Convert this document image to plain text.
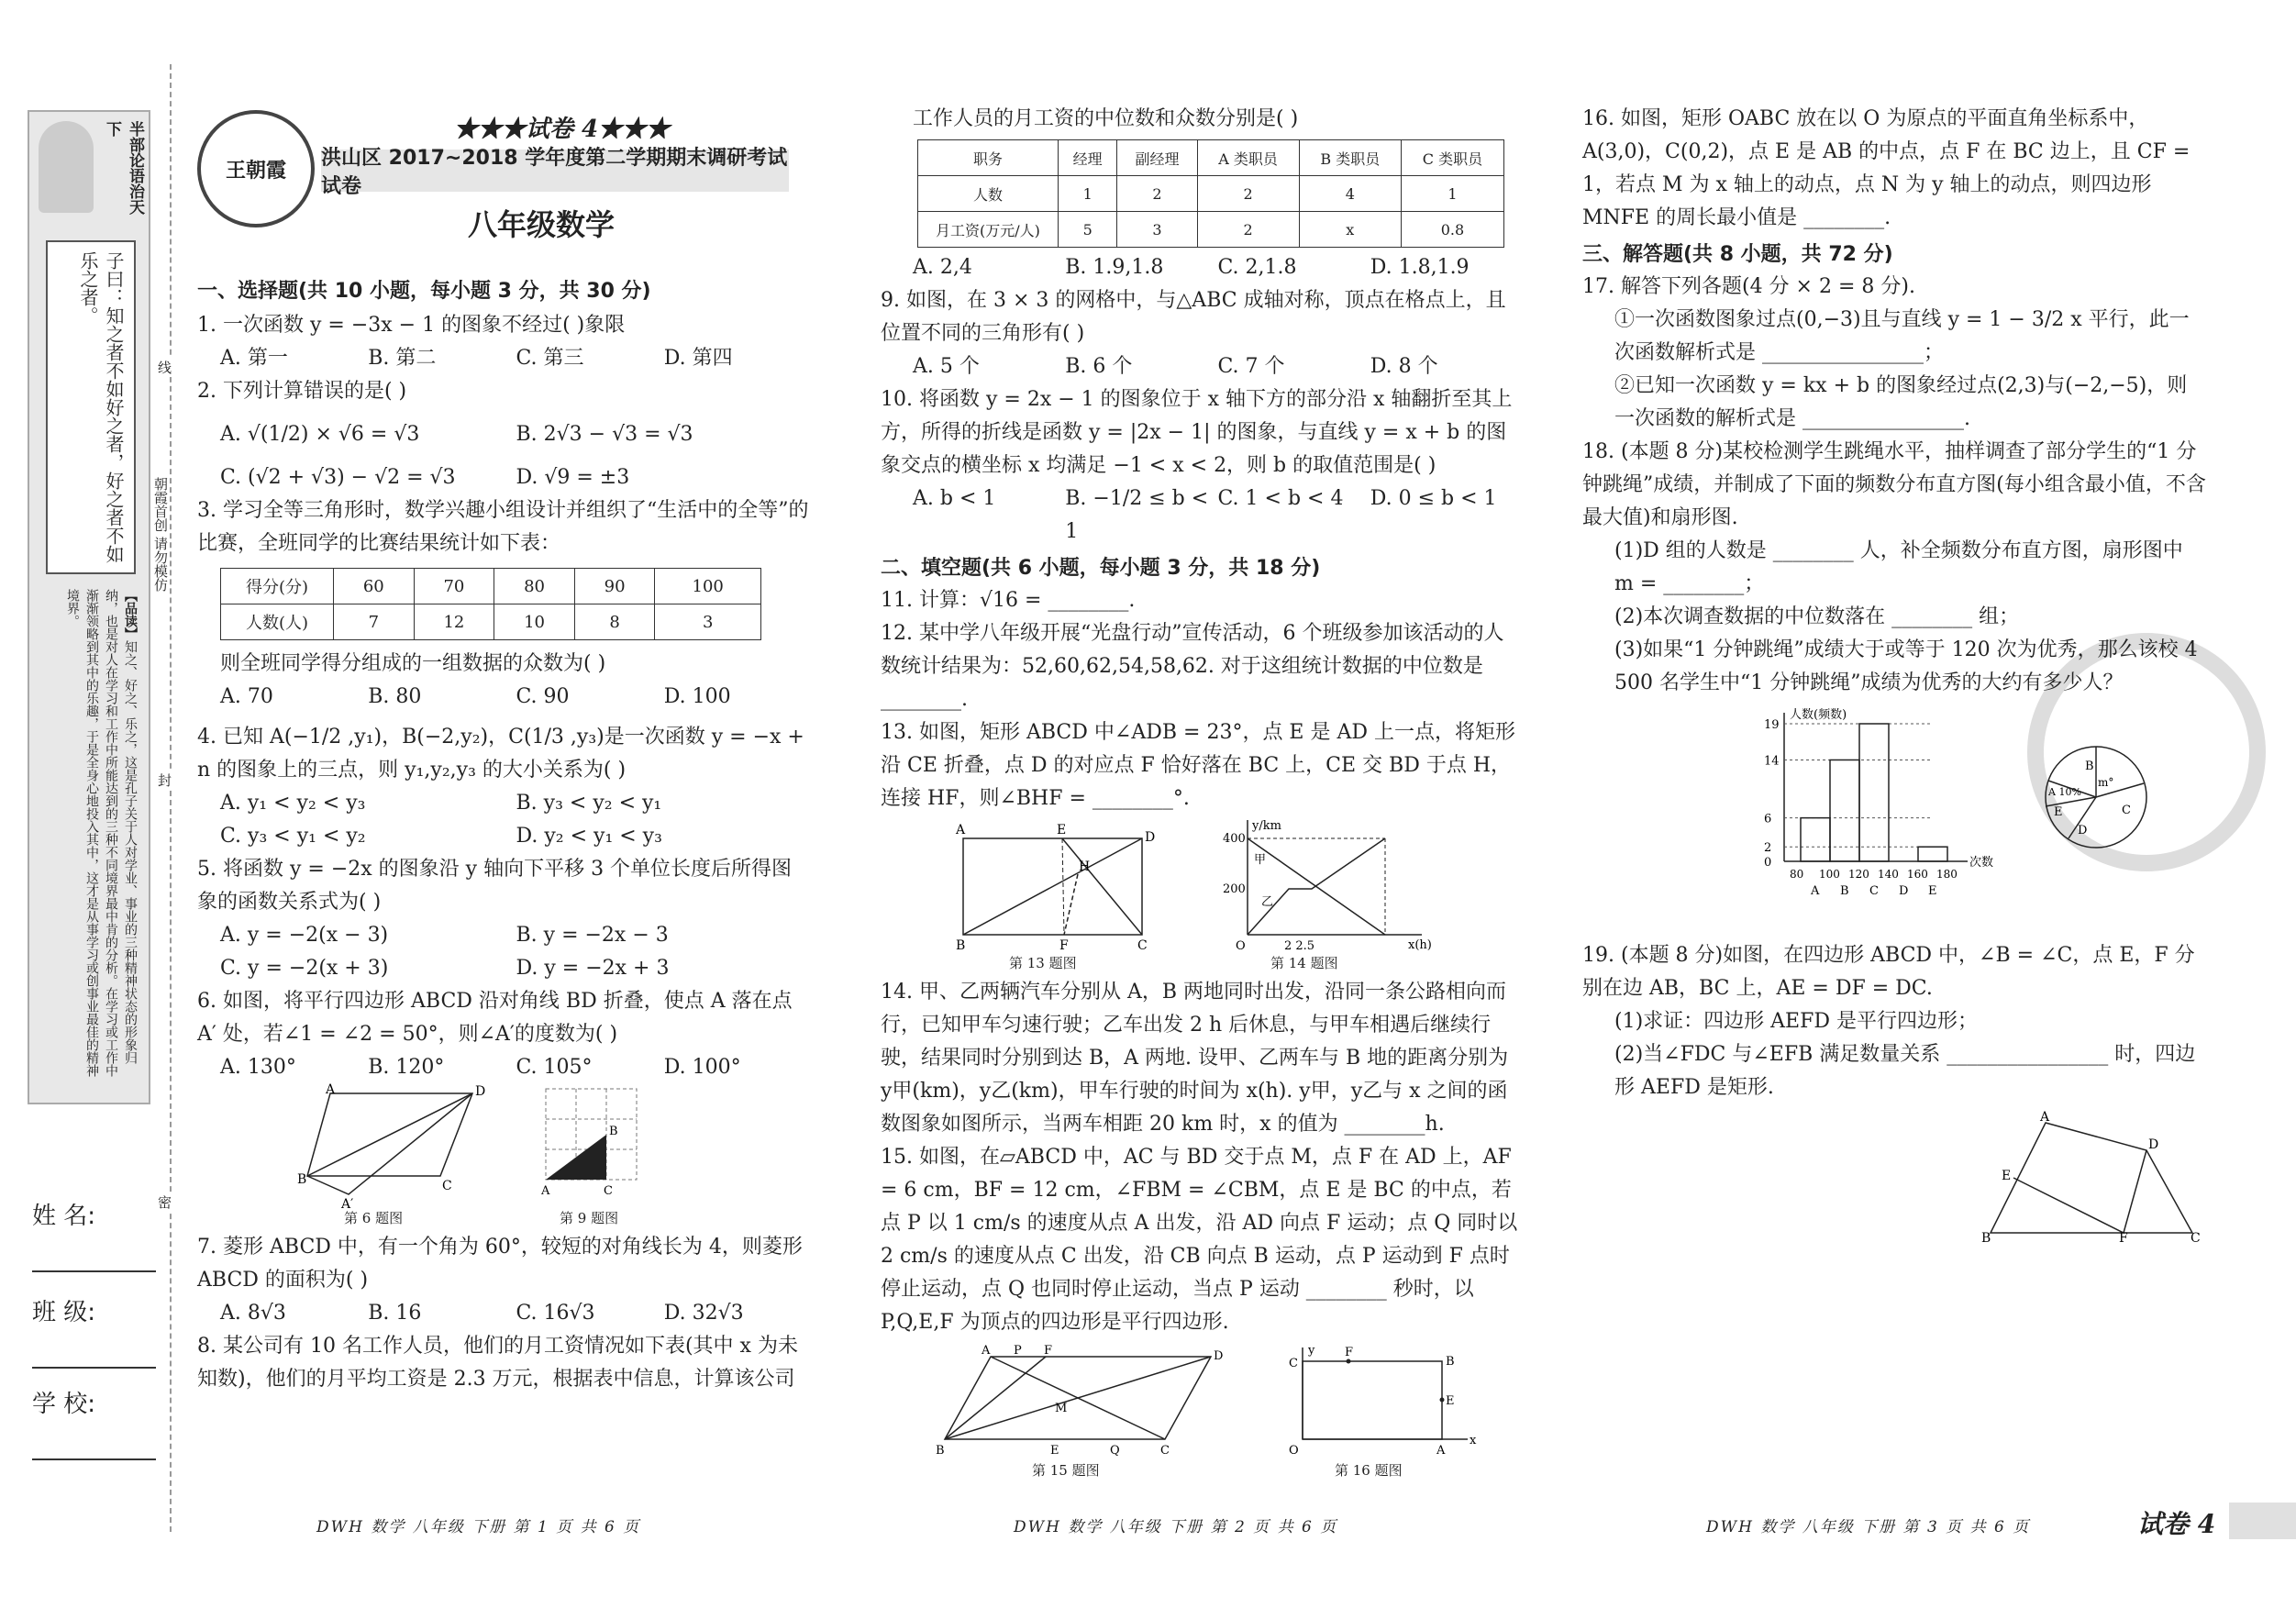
半部论语治天下
子曰：知之者不如好之者，好之者不如乐之者。
【品读】知之、好之、乐之，这是孔子关于人对学业、事业的三种精神状态的形象归纳，也是对人在学习和工作中所能达到的三种不同境界最中肯的分析。在学习或工作中渐渐领略到其中的乐趣，于是全身心地投入其中，这才是从事学习或创事业最佳的精神境界。
朝霞首创 请勿模仿
线
封
密
姓 名:
班 级:
学 校:
王朝霞
★★★试卷 4★★★
洪山区 2017~2018 学年度第二学期期末调研考试试卷
八年级数学
一、选择题(共 10 小题，每小题 3 分，共 30 分)
1. 一次函数 y = −3x − 1 的图象不经过( )象限
A. 第一	B. 第二	C. 第三	D. 第四
2. 下列计算错误的是( )
A. √(1/2) × √6 = √3	B. 2√3 − √3 = √3
C. (√2 + √3) − √2 = √3	D. √9 = ±3
3. 学习全等三角形时，数学兴趣小组设计并组织了“生活中的全等”的比赛，全班同学的比赛结果统计如下表：
得分(分)	60	70	80	90	100
人数(人)	7	12	10	8	3
则全班同学得分组成的一组数据的众数为( )
A. 70	B. 80	C. 90	D. 100
4. 已知 A(−1/2 ,y₁)，B(−2,y₂)，C(1/3 ,y₃)是一次函数 y = −x + n 的图象上的三点，则 y₁,y₂,y₃ 的大小关系为( )
A. y₁ < y₂ < y₃	B. y₃ < y₂ < y₁
C. y₃ < y₁ < y₂	D. y₂ < y₁ < y₃
5. 将函数 y = −2x 的图象沿 y 轴向下平移 3 个单位长度后所得图象的函数关系式为( )
A. y = −2(x − 3)	B. y = −2x − 3
C. y = −2(x + 3)	D. y = −2x + 3
6. 如图，将平行四边形 ABCD 沿对角线 BD 折叠，使点 A 落在点 A′ 处，若∠1 = ∠2 = 50°，则∠A′的度数为( )
A. 130°	B. 120°	C. 105°	D. 100°
A	D
B	C
A′
第 6 题图
A	C
B
第 9 题图
7. 菱形 ABCD 中，有一个角为 60°，较短的对角线长为 4，则菱形 ABCD 的面积为( )
A. 8√3	B. 16	C. 16√3	D. 32√3
8. 某公司有 10 名工作人员，他们的月工资情况如下表(其中 x 为未知数)，他们的月平均工资是 2.3 万元，根据表中信息，计算该公司
DWH 数学 八年级 下册 第 1 页 共 6 页
工作人员的月工资的中位数和众数分别是( )
职务	经理	副经理	A 类职员	B 类职员	C 类职员
人数	1	2	2	4	1
月工资(万元/人)	5	3	2	x	0.8
A. 2,4	B. 1.9,1.8	C. 2,1.8	D. 1.8,1.9
9. 如图，在 3 × 3 的网格中，与△ABC 成轴对称，顶点在格点上，且位置不同的三角形有( )
A. 5 个	B. 6 个	C. 7 个	D. 8 个
10. 将函数 y = 2x − 1 的图象位于 x 轴下方的部分沿 x 轴翻折至其上方，所得的折线是函数 y = |2x − 1| 的图象，与直线 y = x + b 的图象交点的横坐标 x 均满足 −1 < x < 2，则 b 的取值范围是( )
A. b < 1	B. −1/2 ≤ b < 1
C. 1 < b < 4	D. 0 ≤ b < 1
二、填空题(共 6 小题，每小题 3 分，共 18 分)
11. 计算：√16 = ________.
12. 某中学八年级开展“光盘行动”宣传活动，6 个班级参加该活动的人数统计结果为：52,60,62,54,58,62. 对于这组统计数据的中位数是 ________.
13. 如图，矩形 ABCD 中∠ADB = 23°，点 E 是 AD 上一点，将矩形沿 CE 折叠，点 D 的对应点 F 恰好落在 BC 上，CE 交 BD 于点 H，连接 HF，则∠BHF = ________°.
A	E	D
H
B	F	C
第 13 题图
400
200
y/km
x(h)
O	2 2.5
甲
乙
第 14 题图
14. 甲、乙两辆汽车分别从 A，B 两地同时出发，沿同一条公路相向而行，已知甲车匀速行驶；乙车出发 2 h 后休息，与甲车相遇后继续行驶，结果同时分别到达 B，A 两地. 设甲、乙两车与 B 地的距离分别为 y甲(km)，y乙(km)，甲车行驶的时间为 x(h). y甲，y乙与 x 之间的函数图象如图所示，当两车相距 20 km 时，x 的值为 ________h.
15. 如图，在▱ABCD 中，AC 与 BD 交于点 M，点 F 在 AD 上，AF = 6 cm，BF = 12 cm，∠FBM = ∠CBM，点 E 是 BC 的中点，若点 P 以 1 cm/s 的速度从点 A 出发，沿 AD 向点 F 运动；点 Q 同时以 2 cm/s 的速度从点 C 出发，沿 CB 向点 B 运动，点 P 运动到 F 点时停止运动，点 Q 也同时停止运动，当点 P 运动 ________ 秒时，以 P,Q,E,F 为顶点的四边形是平行四边形.
A P F
B	E	Q	C
M
D
第 15 题图
C
F
B
E
O	A
y
x
第 16 题图
DWH 数学 八年级 下册 第 2 页 共 6 页
16. 如图，矩形 OABC 放在以 O 为原点的平面直角坐标系中，A(3,0)，C(0,2)，点 E 是 AB 的中点，点 F 在 BC 边上，且 CF = 1，若点 M 为 x 轴上的动点，点 N 为 y 轴上的动点，则四边形 MNFE 的周长最小值是 ________.
三、解答题(共 8 小题，共 72 分)
17. 解答下列各题(4 分 × 2 = 8 分).
①一次函数图象过点(0,−3)且与直线 y = 1 − 3/2 x 平行，此一次函数解析式是 ________________；
②已知一次函数 y = kx + b 的图象经过点(2,3)与(−2,−5)，则一次函数的解析式是 ________________.
18. (本题 8 分)某校检测学生跳绳水平，抽样调查了部分学生的“1 分钟跳绳”成绩，并制成了下面的频数分布直方图(每小组含最小值，不含最大值)和扇形图.
(1)D 组的人数是 ________ 人，补全频数分布直方图，扇形图中 m = ________；
(2)本次调查数据的中位数落在 ________ 组；
(3)如果“1 分钟跳绳”成绩大于或等于 120 次为优秀，那么该校 4 500 名学生中“1 分钟跳绳”成绩为优秀的大约有多少人？
人数(频数)
次数
0
2
6
14
19
A B C D E
80 100 120 140 160 180
B
m°
A 10%
E
D
C
19. (本题 8 分)如图，在四边形 ABCD 中，∠B = ∠C，点 E，F 分别在边 AB，BC 上，AE = DF = DC.
(1)求证：四边形 AEFD 是平行四边形；
(2)当∠FDC 与∠EFB 满足数量关系 ________________ 时，四边形 AEFD 是矩形.
A
D
E
B	F	C
DWH 数学 八年级 下册 第 3 页 共 6 页	试卷 4
